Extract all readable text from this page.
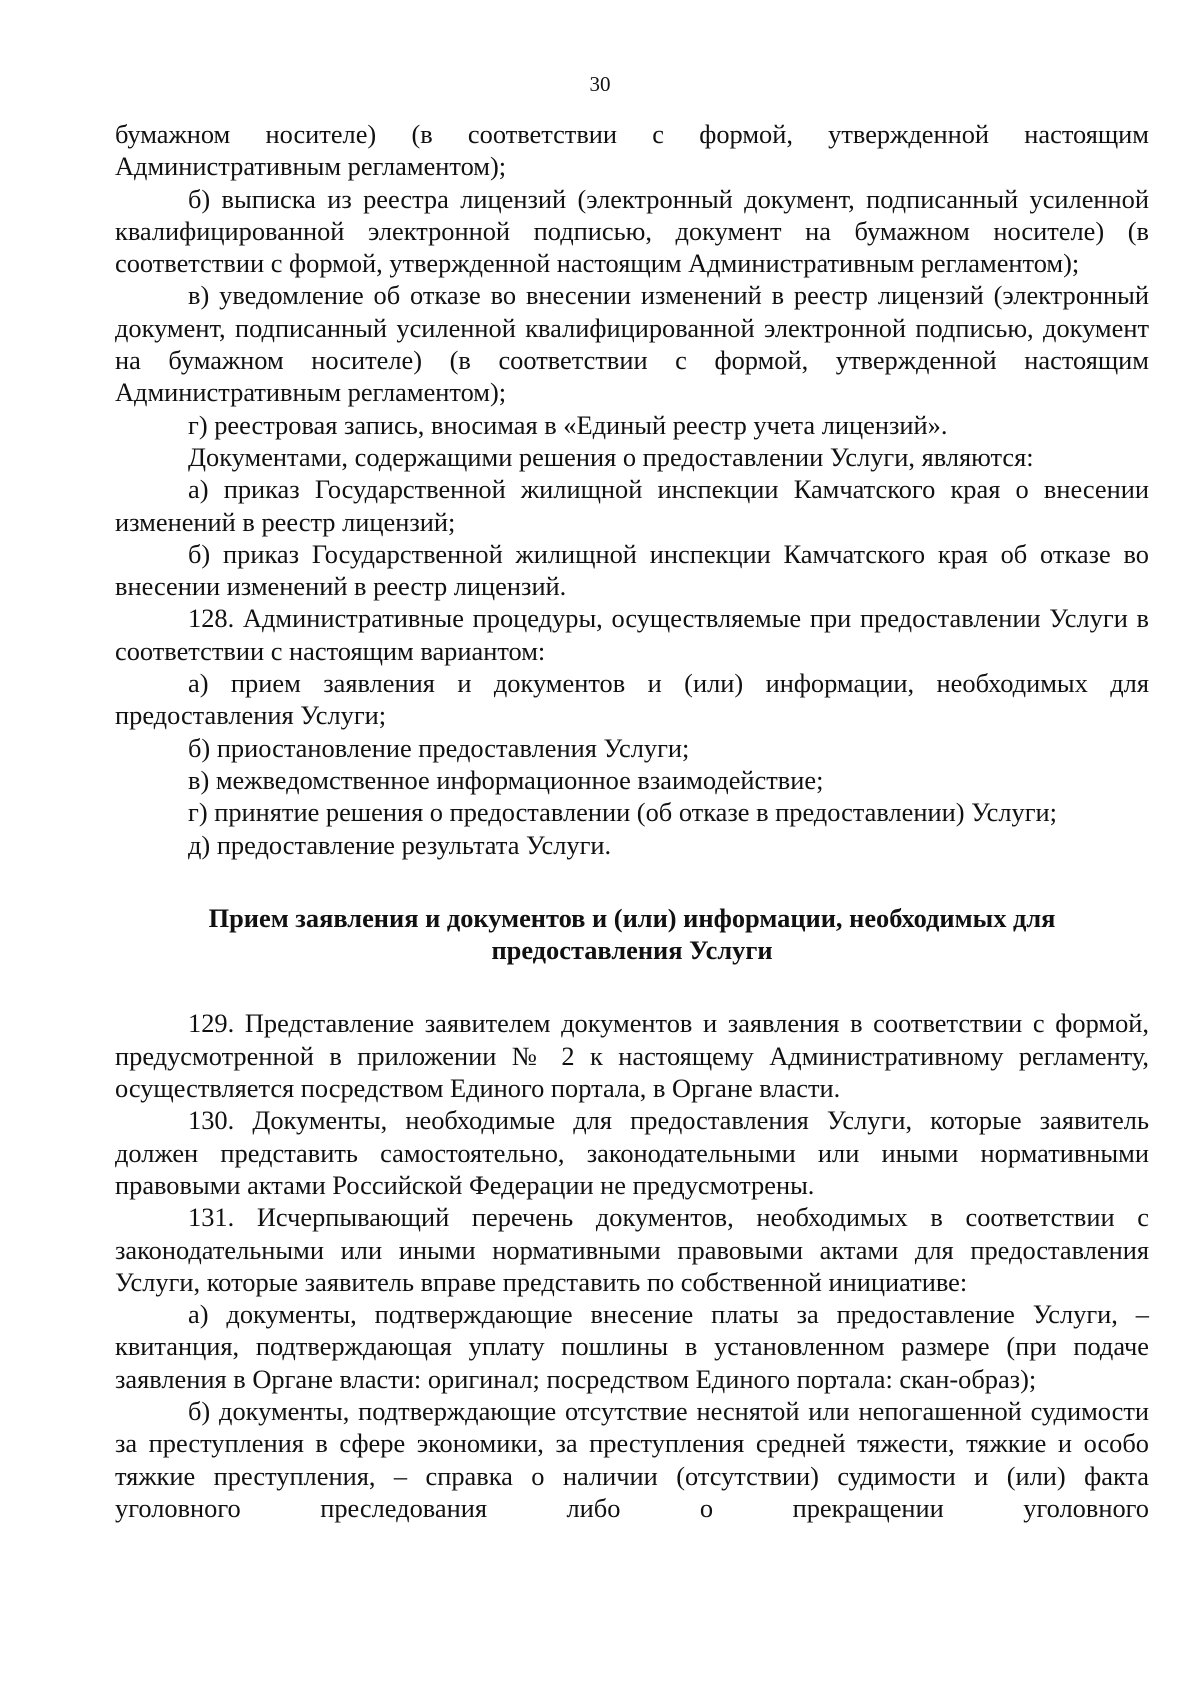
30

бумажном носителе) (в соответствии с формой, утвержденной настоящим Административным регламентом);

б) выписка из реестра лицензий (электронный документ, подписанный усиленной квалифицированной электронной подписью, документ на бумажном носителе) (в соответствии с формой, утвержденной настоящим Административным регламентом);

в) уведомление об отказе во внесении изменений в реестр лицензий (электронный документ, подписанный усиленной квалифицированной электронной подписью, документ на бумажном носителе) (в соответствии с формой, утвержденной настоящим Административным регламентом);

г) реестровая запись, вносимая в «Единый реестр учета лицензий».

Документами, содержащими решения о предоставлении Услуги, являются:

а) приказ Государственной жилищной инспекции Камчатского края о внесении изменений в реестр лицензий;

б) приказ Государственной жилищной инспекции Камчатского края об отказе во внесении изменений в реестр лицензий.

128. Административные процедуры, осуществляемые при предоставлении Услуги в соответствии с настоящим вариантом:

а) прием заявления и документов и (или) информации, необходимых для предоставления Услуги;

б) приостановление предоставления Услуги;

в) межведомственное информационное взаимодействие;

г) принятие решения о предоставлении (об отказе в предоставлении) Услуги;

д) предоставление результата Услуги.

Прием заявления и документов и (или) информации, необходимых для
предоставления Услуги

129. Представление заявителем документов и заявления в соответствии с формой, предусмотренной в приложении № 2 к настоящему Административному регламенту, осуществляется посредством Единого портала, в Органе власти.

130. Документы, необходимые для предоставления Услуги, которые заявитель должен представить самостоятельно, законодательными или иными нормативными правовыми актами Российской Федерации не предусмотрены.

131. Исчерпывающий перечень документов, необходимых в соответствии с законодательными или иными нормативными правовыми актами для предоставления Услуги, которые заявитель вправе представить по собственной инициативе:

а) документы, подтверждающие внесение платы за предоставление Услуги, – квитанция, подтверждающая уплату пошлины в установленном размере (при подаче заявления в Органе власти: оригинал; посредством Единого портала: скан-образ);

б) документы, подтверждающие отсутствие неснятой или непогашенной судимости за преступления в сфере экономики, за преступления средней тяжести, тяжкие и особо тяжкие преступления, – справка о наличии (отсутствии) судимости и (или) факта уголовного преследования либо о прекращении уголовного
